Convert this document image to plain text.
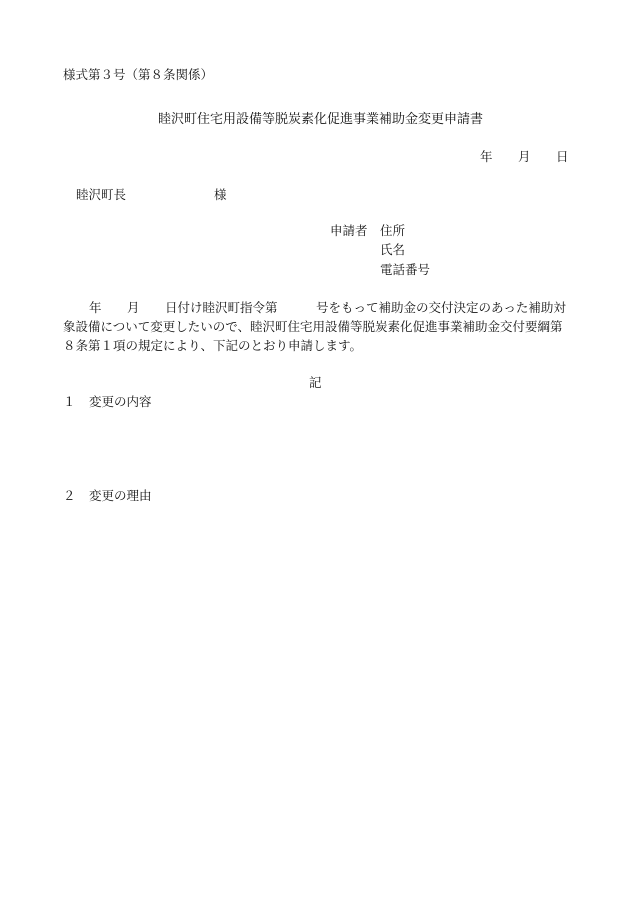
様式第３号（第８条関係）
睦沢町住宅用設備等脱炭素化促進事業補助金変更申請書
年 月 日
睦沢町長	様
申請者 住所
氏名
電話番号
年 月 日付け睦沢町指令第	号をもって補助金の交付決定のあった補助対
象設備について変更したいので、睦沢町住宅用設備等脱炭素化促進事業補助金交付要綱第
８条第１項の規定により、下記のとおり申請します。
記
１ 変更の内容
２ 変更の理由
